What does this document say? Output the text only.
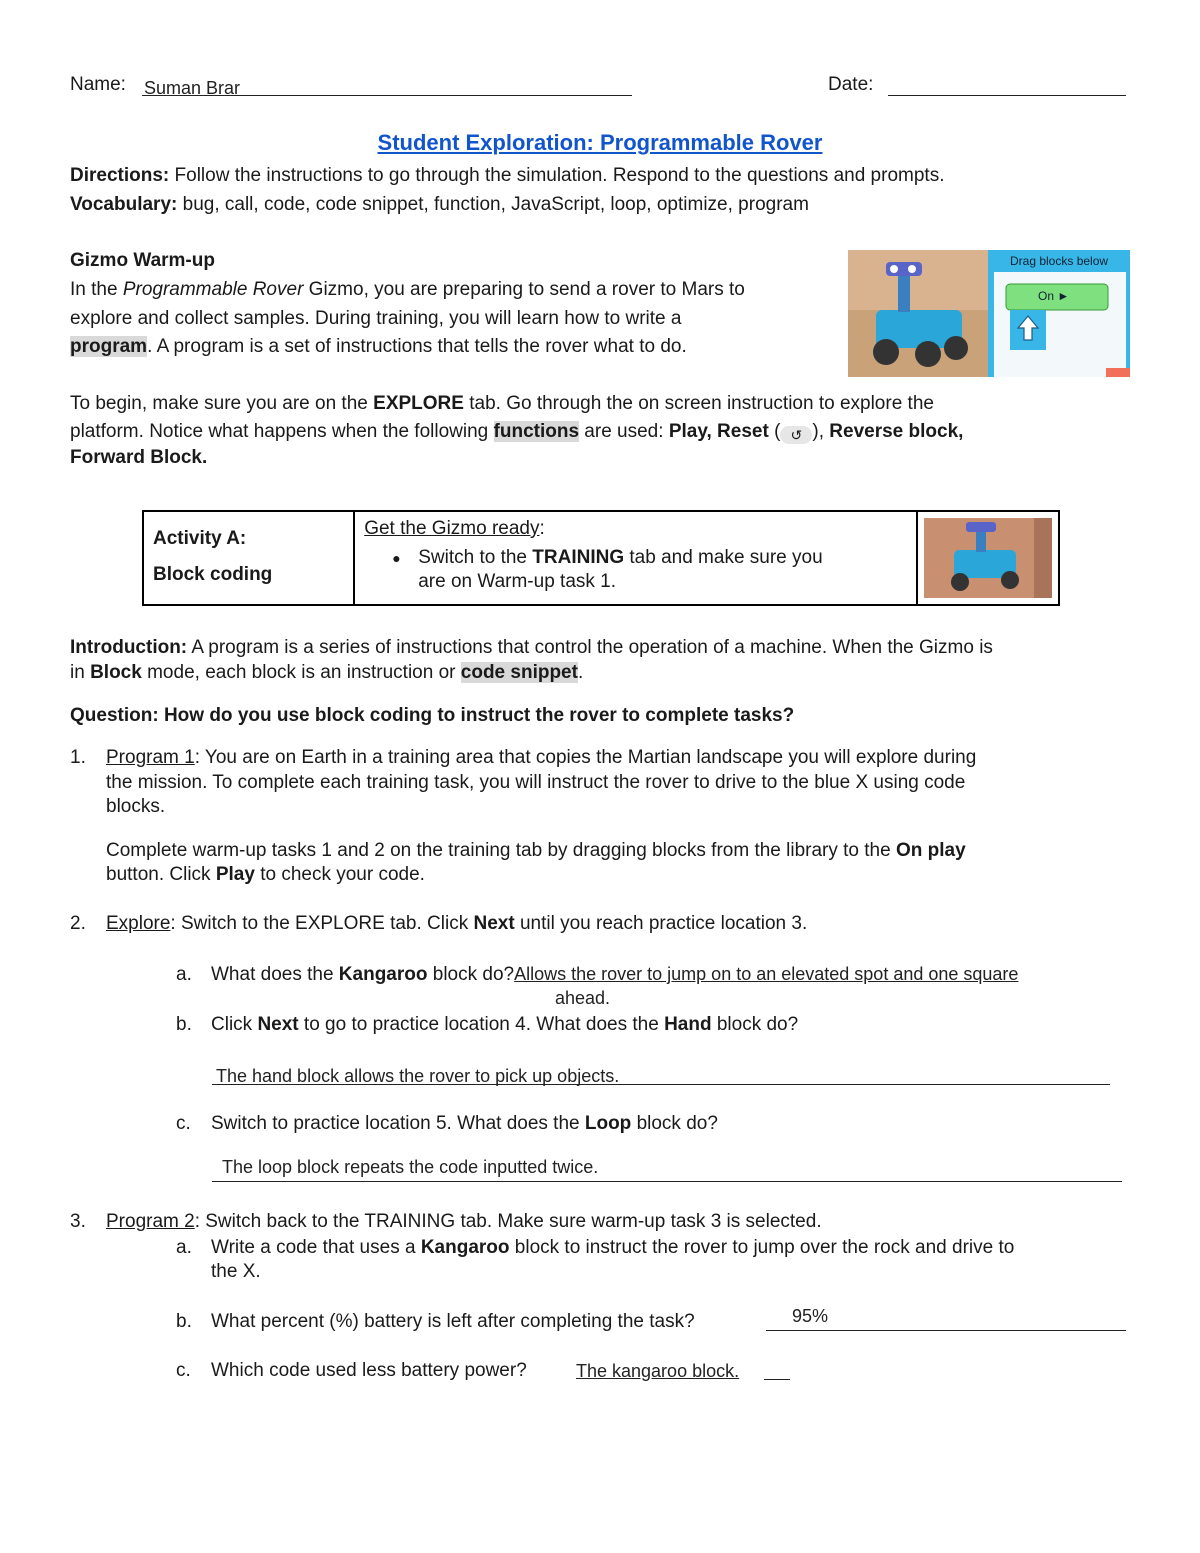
Name: Suman Brar	Date:
Student Exploration: Programmable Rover
Directions: Follow the instructions to go through the simulation. Respond to the questions and prompts.
Vocabulary: bug, call, code, code snippet, function, JavaScript, loop, optimize, program
Gizmo Warm-up
In the Programmable Rover Gizmo, you are preparing to send a rover to Mars to
explore and collect samples. During training, you will learn how to write a
program. A program is a set of instructions that tells the rover what to do.
Drag blocks below
On ►
To begin, make sure you are on the EXPLORE tab. Go through the on screen instruction to explore the
platform. Notice what happens when the following functions are used: Play, Reset ( ↺ ), Reverse block,
Forward Block.
Activity A:
Block coding
Get the Gizmo ready:
● Switch to the TRAINING tab and make sure you
are on Warm-up task 1.
Introduction: A program is a series of instructions that control the operation of a machine. When the Gizmo is
in Block mode, each block is an instruction or code snippet.
Question: How do you use block coding to instruct the rover to complete tasks?
1. Program 1: You are on Earth in a training area that copies the Martian landscape you will explore during
the mission. To complete each training task, you will instruct the rover to drive to the blue X using code
blocks.
Complete warm-up tasks 1 and 2 on the training tab by dragging blocks from the library to the On play
button. Click Play to check your code.
2. Explore: Switch to the EXPLORE tab. Click Next until you reach practice location 3.
a. What does the Kangaroo block do?Allows the rover to jump on to an elevated spot and one square
ahead.
b. Click Next to go to practice location 4. What does the Hand block do?
The hand block allows the rover to pick up objects.
c. Switch to practice location 5. What does the Loop block do?
The loop block repeats the code inputted twice.
3. Program 2: Switch back to the TRAINING tab. Make sure warm-up task 3 is selected.
a. Write a code that uses a Kangaroo block to instruct the rover to jump over the rock and drive to
the X.
b. What percent (%) battery is left after completing the task?	95%
c. Which code used less battery power?	The kangaroo block.
